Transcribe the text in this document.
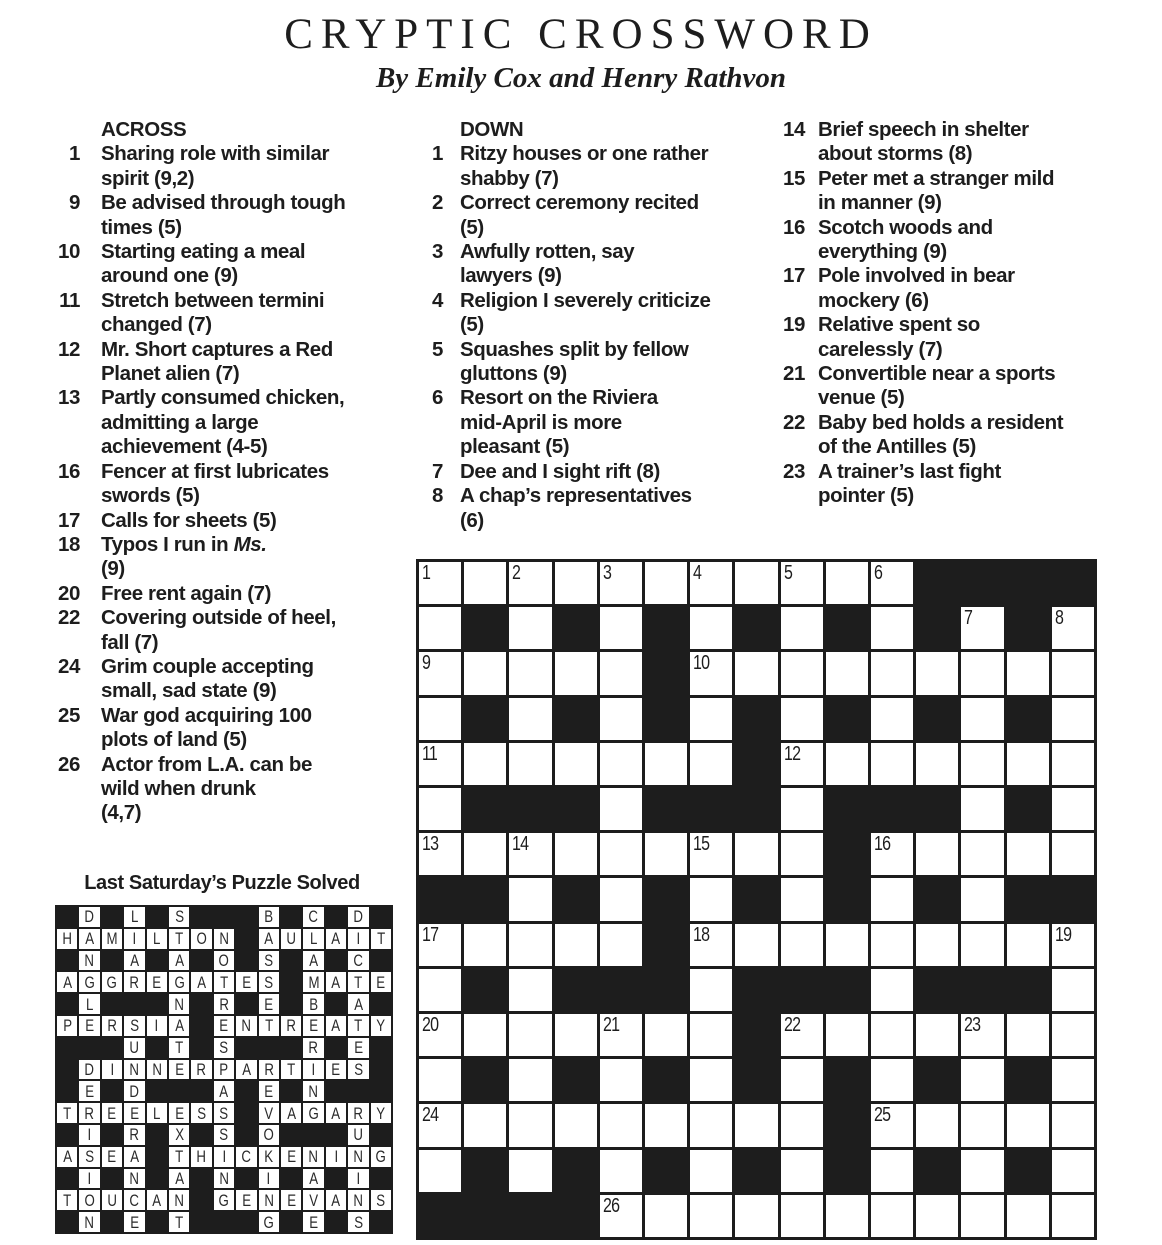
CRYPTIC CROSSWORD
By Emily Cox and Henry Rathvon
ACROSS
1 Sharing role with similar
spirit (9,2)
9 Be advised through tough
times (5)
10 Starting eating a meal
around one (9)
11 Stretch between termini
changed (7)
12 Mr. Short captures a Red
Planet alien (7)
13 Partly consumed chicken,
admitting a large
achievement (4-5)
16 Fencer at first lubricates
swords (5)
17 Calls for sheets (5)
18 Typos I run in Ms.
(9)
20 Free rent again (7)
22 Covering outside of heel,
fall (7)
24 Grim couple accepting
small, sad state (9)
25 War god acquiring 100
plots of land (5)
26 Actor from L.A. can be
wild when drunk
(4,7)
DOWN
1 Ritzy houses or one rather
shabby (7)
2 Correct ceremony recited
(5)
3 Awfully rotten, say
lawyers (9)
4 Religion I severely criticize
(5)
5 Squashes split by fellow
gluttons (9)
6 Resort on the Riviera
mid-April is more
pleasant (5)
7 Dee and I sight rift (8)
8 A chap’s representatives
(6)
14 Brief speech in shelter
about storms (8)
15 Peter met a stranger mild
in manner (9)
16 Scotch woods and
everything (9)
17 Pole involved in bear
mockery (6)
19 Relative spent so
carelessly (7)
21 Convertible near a sports
venue (5)
22 Baby bed holds a resident
of the Antilles (5)
23 A trainer’s last fight
pointer (5)
1	2	3	4	5	6
7	8
9	10
11	12
13	14	15	16
17	18	19
20	21	22	23
24	25
26
Last Saturday’s Puzzle Solved
D L S	B C D
H A M I L T O N A U L A I T
N A A O S A C
A G G R E G A T E S M A T E
L	N R E B A
P E R S I A E N T R E A T Y
U T S	R E
D I N N E R P A R T I E S
E D	A E N
T R E E L E S S V A G A R Y
I R X S O	U
A S E A T H I C K E N I N G
I N A N I A I
T O U C A N G E N E V A N S
N E T	G E S
